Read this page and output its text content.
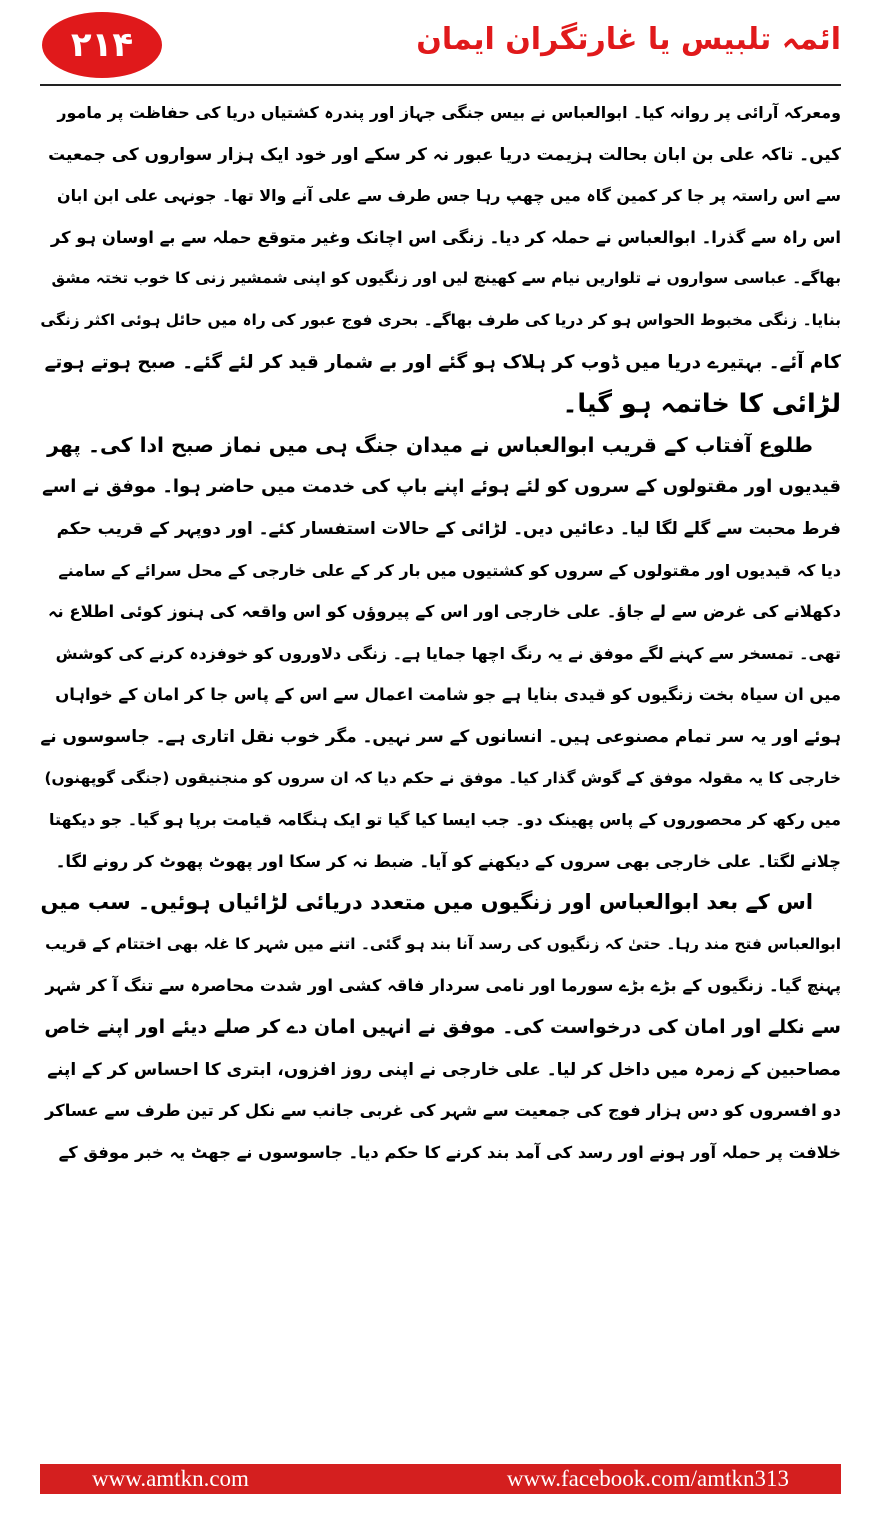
۲۱۴	ائمہ تلبیس یا غارتگران ایمان
ومعرکہ آرائی پر روانہ کیا۔ ابوالعباس نے بیس جنگی جہاز اور پندرہ کشتیاں دریا کی حفاظت پر مامور
کیں۔ تاکہ علی بن ابان بحالت ہزیمت دریا عبور نہ کر سکے اور خود ایک ہزار سواروں کی جمعیت
سے اس راستہ پر جا کر کمین گاہ میں چھپ رہا جس طرف سے علی آنے والا تھا۔ جونہی علی ابن ابان
اس راہ سے گذرا۔ ابوالعباس نے حملہ کر دیا۔ زنگی اس اچانک وغیر متوقع حملہ سے بے اوسان ہو کر
بھاگے۔ عباسی سواروں نے تلواریں نیام سے کھینچ لیں اور زنگیوں کو اپنی شمشیر زنی کا خوب تختہ مشق
بنایا۔ زنگی مخبوط الحواس ہو کر دریا کی طرف بھاگے۔ بحری فوج عبور کی راہ میں حائل ہوئی اکثر زنگی
کام آئے۔ بہتیرے دریا میں ڈوب کر ہلاک ہو گئے اور بے شمار قید کر لئے گئے۔ صبح ہوتے ہوتے
لڑائی کا خاتمہ ہو گیا۔
طلوع آفتاب کے قریب ابوالعباس نے میدان جنگ ہی میں نماز صبح ادا کی۔ پھر
قیدیوں اور مقتولوں کے سروں کو لئے ہوئے اپنے باپ کی خدمت میں حاضر ہوا۔ موفق نے اسے
فرط محبت سے گلے لگا لیا۔ دعائیں دیں۔ لڑائی کے حالات استفسار کئے۔ اور دوپہر کے قریب حکم
دیا کہ قیدیوں اور مقتولوں کے سروں کو کشتیوں میں بار کر کے علی خارجی کے محل سرائے کے سامنے
دکھلانے کی غرض سے لے جاؤ۔ علی خارجی اور اس کے پیروؤں کو اس واقعہ کی ہنوز کوئی اطلاع نہ
تھی۔ تمسخر سے کہنے لگے موفق نے یہ رنگ اچھا جمایا ہے۔ زنگی دلاوروں کو خوفزدہ کرنے کی کوشش
میں ان سیاہ بخت زنگیوں کو قیدی بنایا ہے جو شامت اعمال سے اس کے پاس جا کر امان کے خواہاں
ہوئے اور یہ سر تمام مصنوعی ہیں۔ انسانوں کے سر نہیں۔ مگر خوب نقل اتاری ہے۔ جاسوسوں نے
خارجی کا یہ مقولہ موفق کے گوش گذار کیا۔ موفق نے حکم دیا کہ ان سروں کو منجنیقوں (جنگی گوپھنوں)
میں رکھ کر محصوروں کے پاس پھینک دو۔ جب ایسا کیا گیا تو ایک ہنگامہ قیامت برپا ہو گیا۔ جو دیکھتا
چلانے لگتا۔ علی خارجی بھی سروں کے دیکھنے کو آیا۔ ضبط نہ کر سکا اور پھوٹ پھوٹ کر رونے لگا۔
اس کے بعد ابوالعباس اور زنگیوں میں متعدد دریائی لڑائیاں ہوئیں۔ سب میں
ابوالعباس فتح مند رہا۔ حتیٰ کہ زنگیوں کی رسد آنا بند ہو گئی۔ اتنے میں شہر کا غلہ بھی اختتام کے قریب
پہنچ گیا۔ زنگیوں کے بڑے بڑے سورما اور نامی سردار فاقہ کشی اور شدت محاصرہ سے تنگ آ کر شہر
سے نکلے اور امان کی درخواست کی۔ موفق نے انہیں امان دے کر صلے دیئے اور اپنے خاص
مصاحبین کے زمرہ میں داخل کر لیا۔ علی خارجی نے اپنی روز افزوں، ابتری کا احساس کر کے اپنے
دو افسروں کو دس ہزار فوج کی جمعیت سے شہر کی غربی جانب سے نکل کر تین طرف سے عساکر
خلافت پر حملہ آور ہونے اور رسد کی آمد بند کرنے کا حکم دیا۔ جاسوسوں نے جھٹ یہ خبر موفق کے
www.amtkn.com	www.facebook.com/amtkn313
